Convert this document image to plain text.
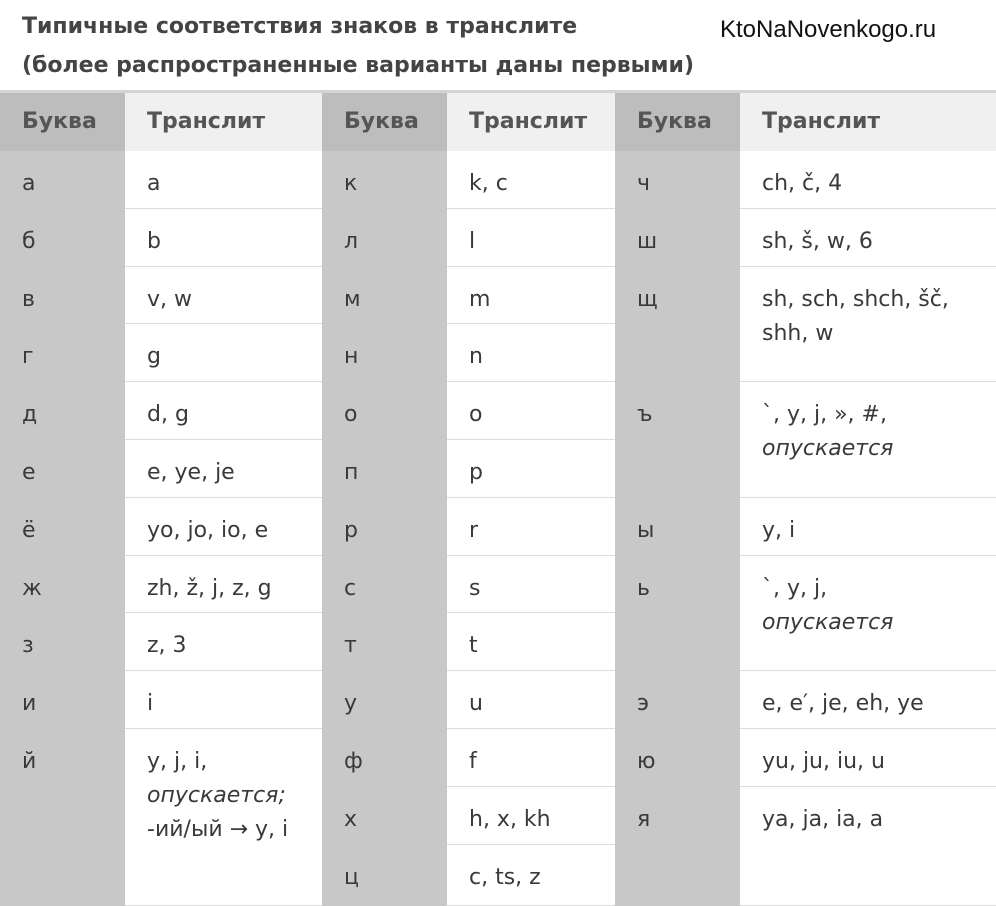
Типичные соответствия знаков в транслите
(более распространенные варианты даны первыми)
KtoNaNovenkogo.ru
Буква	Транслит
а	a
б	b
в	v, w
г	g
д	d, g
е	e, ye, je
ё	yo, jo, io, e
ж	zh, ž, j, z, g
з	z, 3
и	i
й	y, j, i,
опускается;
-ий/ый → y, i
Буква	Транслит
к	k, c
л	l
м	m
н	n
о	o
п	p
р	r
с	s
т	t
у	u
ф	f
х	h, x, kh
ц	c, ts, z
Буква	Транслит
ч	ch, č, 4
ш	sh, š, w, 6
щ	sh, sch, shch, šč,
shh, w
ъ	`, y, j, », #,
опускается
ы	y, i
ь	`, y, j,
опускается
э	e, e′, je, eh, ye
ю	yu, ju, iu, u
я	ya, ja, ia, a
